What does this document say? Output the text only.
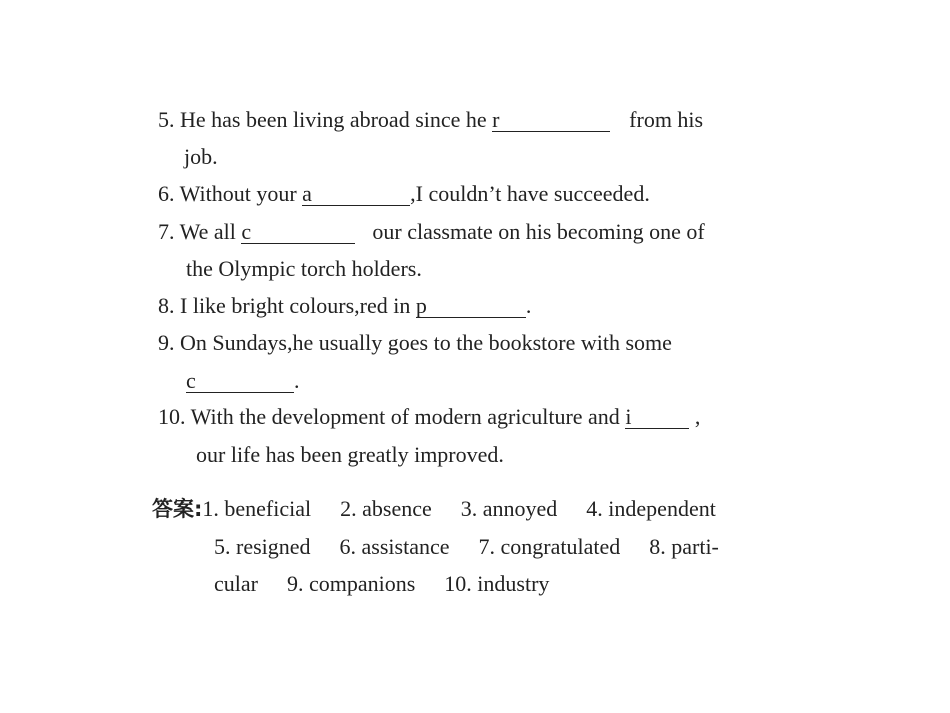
5. He has been living abroad since he r	from his
job.
6. Without your a	,I couldn’t have succeeded.
7. We all c	our classmate on his becoming one of
the Olympic torch holders.
8. I like bright colours,red in p	.
9. On Sundays,he usually goes to the bookstore with some
c	.
10. With the development of modern agriculture and i	,
our life has been greatly improved.
答案:1. beneficial 2. absence 3. annoyed 4. independent
5. resigned 6. assistance 7. congratulated 8. parti-
cular 9. companions 10. industry
